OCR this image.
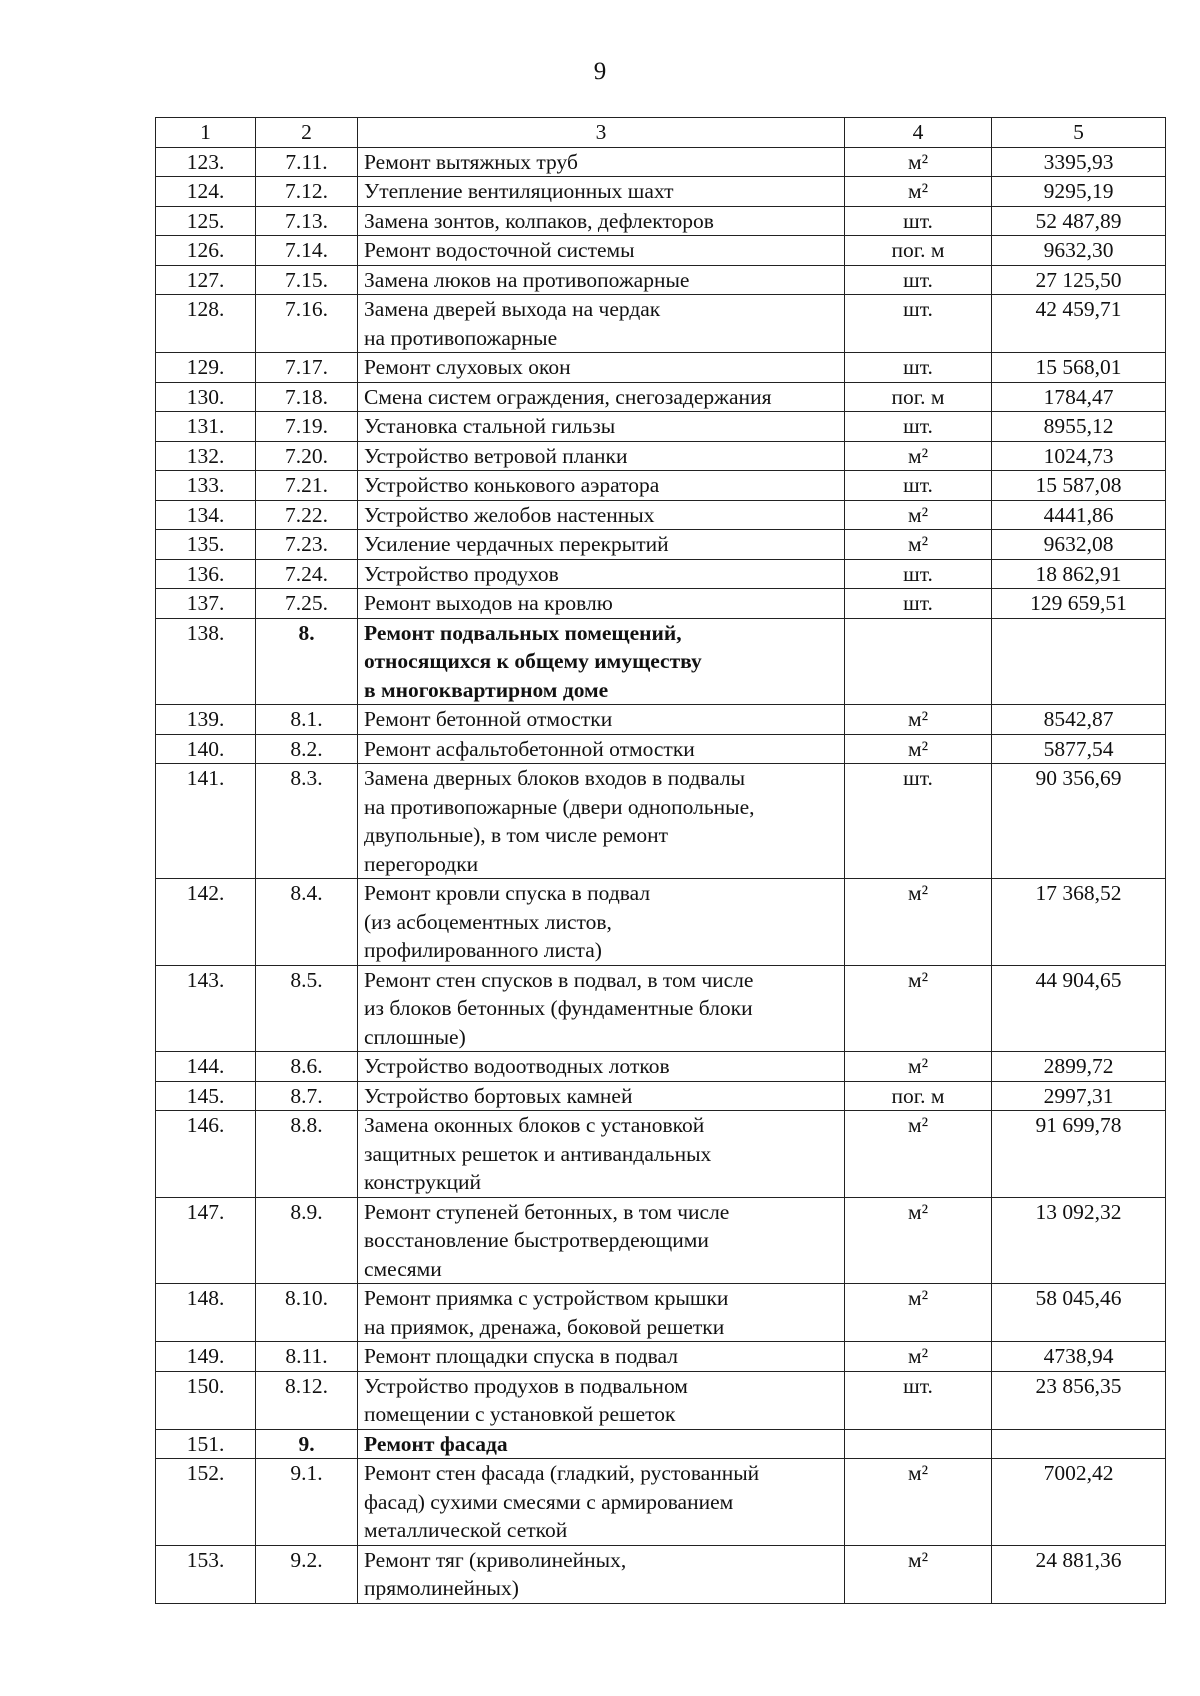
9
1	2	3	4	5
123.	7.11.	Ремонт вытяжных труб	м²	3395,93
124.	7.12.	Утепление вентиляционных шахт	м²	9295,19
125.	7.13.	Замена зонтов, колпаков, дефлекторов	шт.	52 487,89
126.	7.14.	Ремонт водосточной системы	пог. м	9632,30
127.	7.15.	Замена люков на противопожарные	шт.	27 125,50
128.	7.16.	Замена дверей выхода на чердак
на противопожарные	шт.	42 459,71
129.	7.17.	Ремонт слуховых окон	шт.	15 568,01
130.	7.18.	Смена систем ограждения, снегозадержания	пог. м	1784,47
131.	7.19.	Установка стальной гильзы	шт.	8955,12
132.	7.20.	Устройство ветровой планки	м²	1024,73
133.	7.21.	Устройство конькового аэратора	шт.	15 587,08
134.	7.22.	Устройство желобов настенных	м²	4441,86
135.	7.23.	Усиление чердачных перекрытий	м²	9632,08
136.	7.24.	Устройство продухов	шт.	18 862,91
137.	7.25.	Ремонт выходов на кровлю	шт.	129 659,51
138.	8.	Ремонт подвальных помещений,
относящихся к общему имуществу
в многоквартирном доме		
139.	8.1.	Ремонт бетонной отмостки	м²	8542,87
140.	8.2.	Ремонт асфальтобетонной отмостки	м²	5877,54
141.	8.3.	Замена дверных блоков входов в подвалы
на противопожарные (двери однопольные,
двупольные), в том числе ремонт
перегородки	шт.	90 356,69
142.	8.4.	Ремонт кровли спуска в подвал
(из асбоцементных листов,
профилированного листа)	м²	17 368,52
143.	8.5.	Ремонт стен спусков в подвал, в том числе
из блоков бетонных (фундаментные блоки
сплошные)	м²	44 904,65
144.	8.6.	Устройство водоотводных лотков	м²	2899,72
145.	8.7.	Устройство бортовых камней	пог. м	2997,31
146.	8.8.	Замена оконных блоков с установкой
защитных решеток и антивандальных
конструкций	м²	91 699,78
147.	8.9.	Ремонт ступеней бетонных, в том числе
восстановление быстротвердеющими
смесями	м²	13 092,32
148.	8.10.	Ремонт приямка с устройством крышки
на приямок, дренажа, боковой решетки	м²	58 045,46
149.	8.11.	Ремонт площадки спуска в подвал	м²	4738,94
150.	8.12.	Устройство продухов в подвальном
помещении с установкой решеток	шт.	23 856,35
151.	9.	Ремонт фасада		
152.	9.1.	Ремонт стен фасада (гладкий, рустованный
фасад) сухими смесями с армированием
металлической сеткой	м²	7002,42
153.	9.2.	Ремонт тяг (криволинейных,
прямолинейных)	м²	24 881,36
